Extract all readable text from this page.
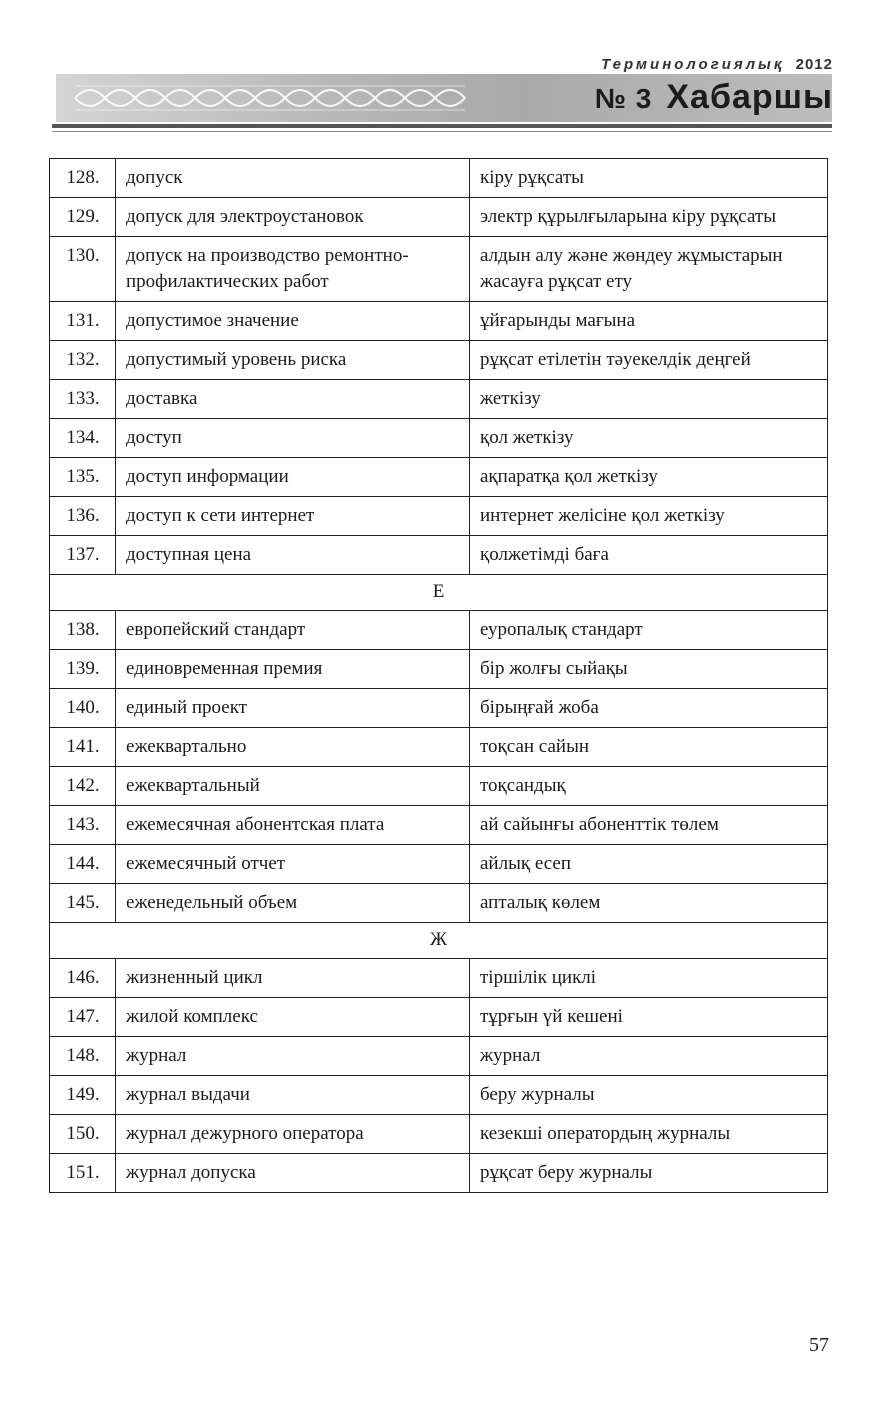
Терминологиялық 2012
№ 3 Хабаршы
128.	допуск	кіру рұқсаты
129.	допуск для электроустановок	электр құрылғыларына кіру рұқсаты
130.	допуск на производство ремонтно-профилактических работ	алдын алу және жөндеу жұмыстарын жасауға рұқсат ету
131.	допустимое значение	ұйғарынды мағына
132.	допустимый уровень риска	рұқсат етілетін тәуекелдік деңгей
133.	доставка	жеткізу
134.	доступ	қол жеткізу
135.	доступ информации	ақпаратқа қол жеткізу
136.	доступ к сети интернет	интернет желісіне қол жеткізу
137.	доступная цена	қолжетімді баға
Е		
138.	европейский стандарт	еуропалық стандарт
139.	единовременная премия	бір жолғы сыйақы
140.	единый проект	бірыңғай жоба
141.	ежеквартально	тоқсан сайын
142.	ежеквартальный	тоқсандық
143.	ежемесячная абонентская плата	ай сайынғы абоненттік төлем
144.	ежемесячный отчет	айлық есеп
145.	еженедельный объем	апталық көлем
Ж		
146.	жизненный цикл	тіршілік циклі
147.	жилой комплекс	тұрғын үй кешені
148.	журнал	журнал
149.	журнал выдачи	беру журналы
150.	журнал дежурного оператора	кезекші оператордың журналы
151.	журнал допуска	рұқсат беру журналы
57
